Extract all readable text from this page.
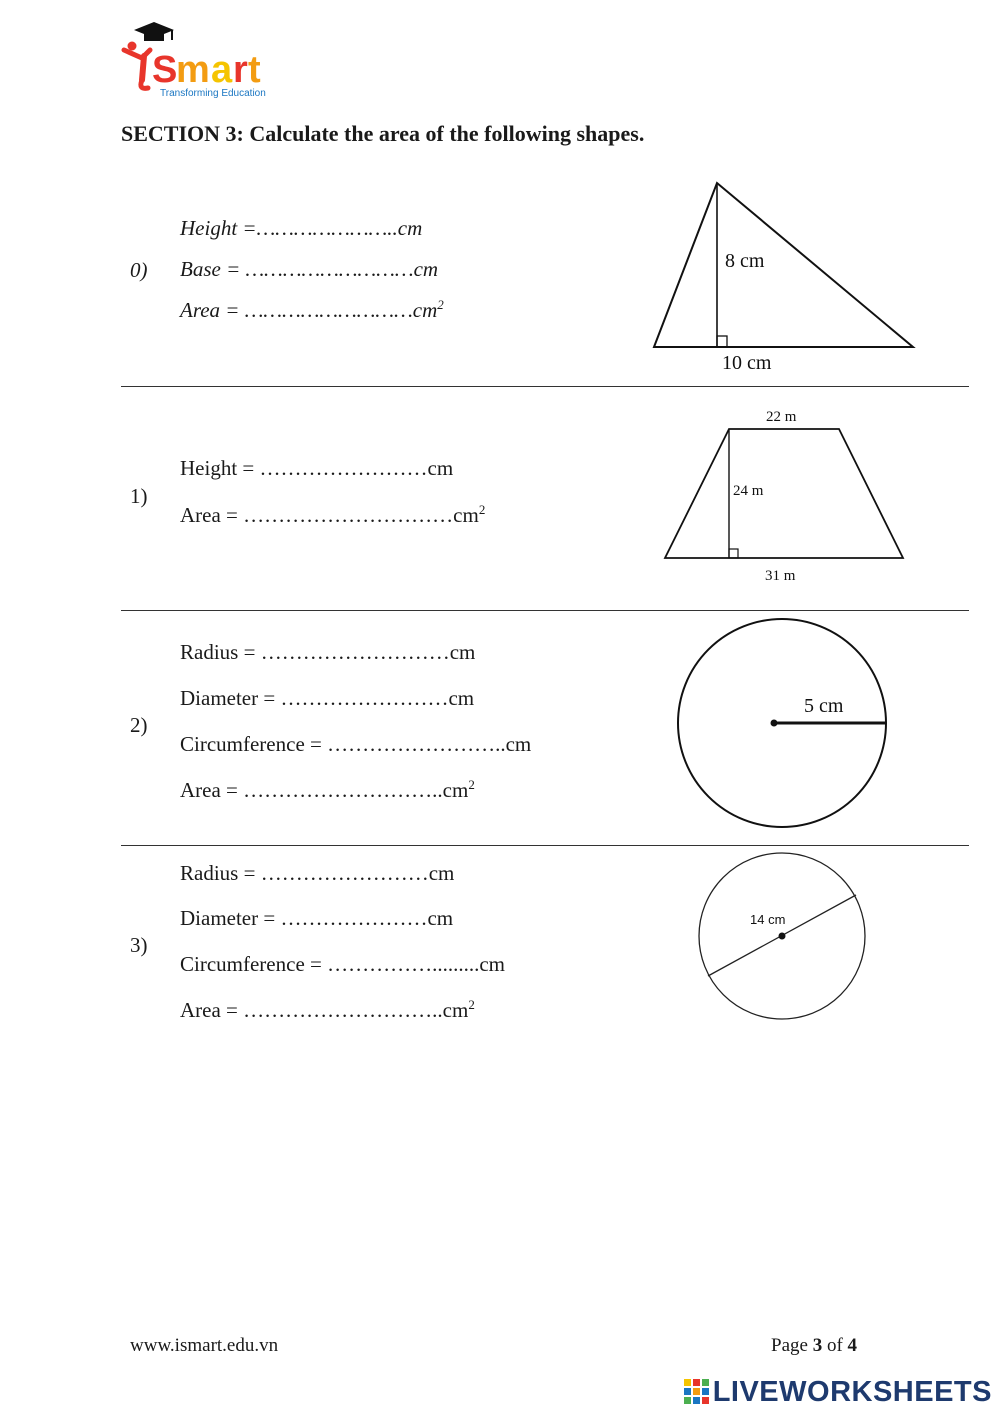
S
m a r t
Transforming Education
SECTION 3: Calculate the area of the following shapes.
0)
Height =…………………..cm
Base = ………………………cm
Area = $\dots\dots\dots\dots\dots\dots\dots\dots\dots cm^2$
8 cm
10 cm
1)
Height = ……………………cm
Area = $\dots\dots\dots\dots\dots\dots\dots\dots\dots\dots cm^2$
22 m
24 m
31 m
2)
Radius = ………………………cm
Diameter = ……………………cm
Circumference = ……………………..cm
Area = $\dots\dots\dots\dots\dots\dots\dots\dots\dots..cm^2$
5 cm
3)
Radius = ……………………cm
Diameter = …………………cm
Circumference = …………….........cm
Area = $\dots\dots\dots\dots\dots\dots\dots\dots\dots..cm^2$
14 cm
www.ismart.edu.vn	Page 3 of 4
LIVEWORKSHEETS
